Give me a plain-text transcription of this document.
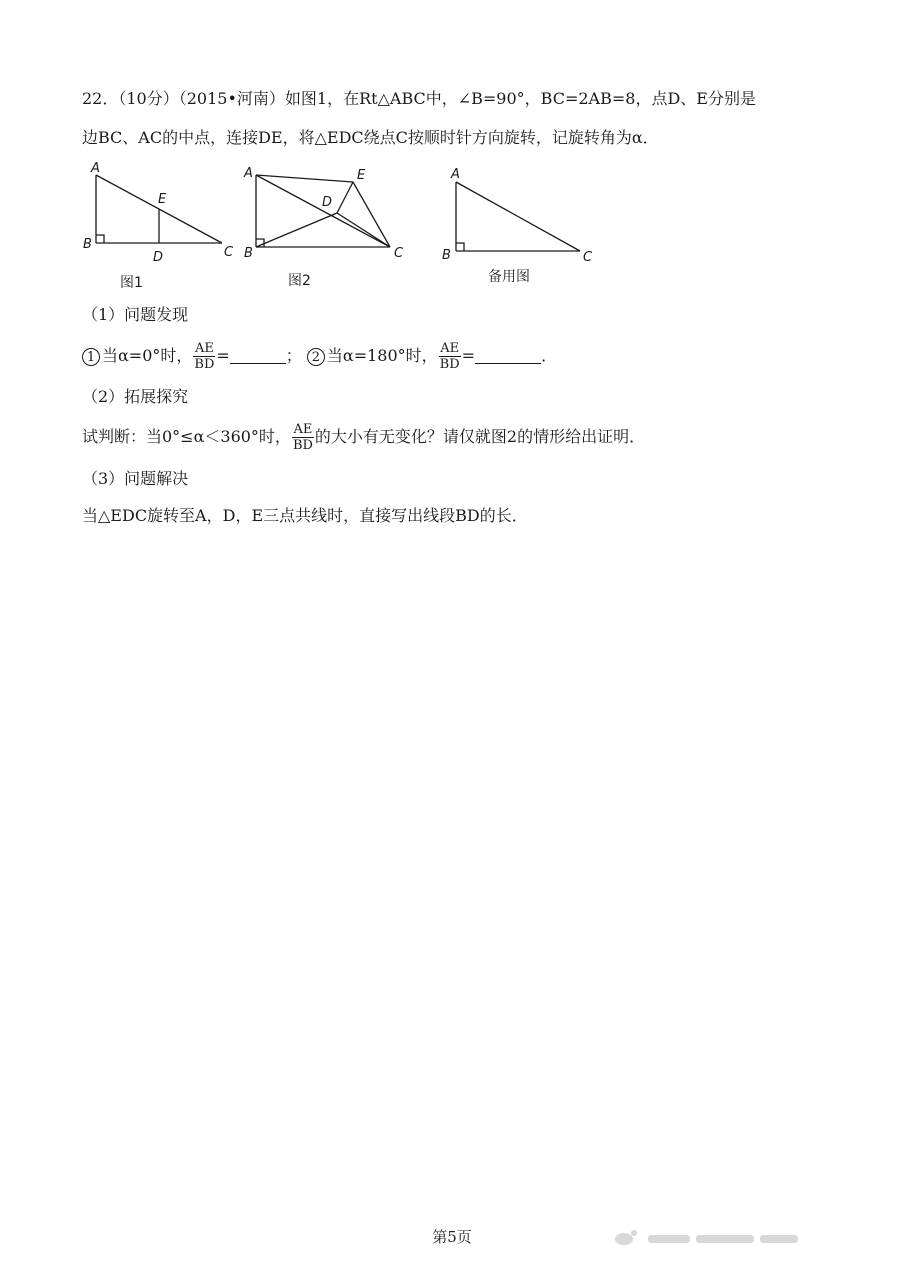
22．（10分）（2015•河南）如图1，在Rt△ABC中，∠B=90°，BC=2AB=8，点D、E分别是
边BC、AC的中点，连接DE，将△EDC绕点C按顺时针方向旋转，记旋转角为α．
A
B
C
D
E
图1
A
B	C
D
E
图2
A
B	C
备用图
（1）问题发现
1 当α=0°时， $\frac{AE}{BD}$ =	； 2 当α=180°时， $\frac{AE}{BD}$ =	．
（2）拓展探究
试判断：当0°≤α＜360°时， $\frac{AE}{BD}$ 的大小有无变化？请仅就图2的情形给出证明．
（3）问题解决
当△EDC旋转至A，D，E三点共线时，直接写出线段BD的长．
第5页
